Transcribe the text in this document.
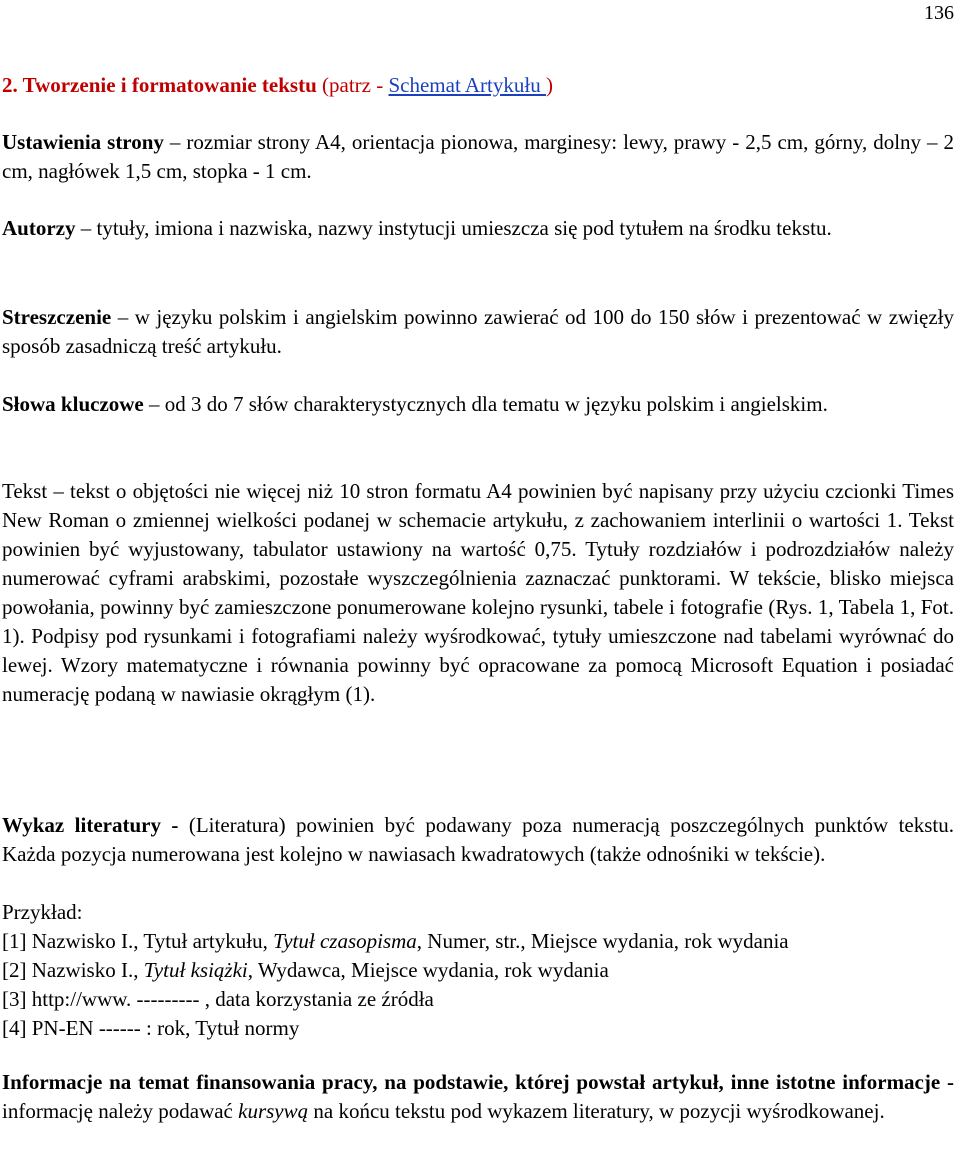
136
2. Tworzenie i formatowanie tekstu (patrz - Schemat Artykułu )

Ustawienia strony – rozmiar strony A4, orientacja pionowa, marginesy: lewy, prawy - 2,5 cm, górny, dolny – 2 cm, nagłówek 1,5 cm, stopka - 1 cm.

Autorzy – tytuły, imiona i nazwiska, nazwy instytucji umieszcza się pod tytułem na środku tekstu.

Streszczenie – w języku polskim i angielskim powinno zawierać od 100 do 150 słów i prezentować w zwięzły sposób zasadniczą treść artykułu.

Słowa kluczowe – od 3 do 7 słów charakterystycznych dla tematu w języku polskim i angielskim.

Tekst – tekst o objętości nie więcej niż 10 stron formatu A4 powinien być napisany przy użyciu czcionki Times New Roman o zmiennej wielkości podanej w schemacie artykułu, z zachowaniem interlinii o wartości 1. Tekst powinien być wyjustowany, tabulator ustawiony na wartość 0,75. Tytuły rozdziałów i podrozdziałów należy numerować cyframi arabskimi, pozostałe wyszczególnienia zaznaczać punktorami. W tekście, blisko miejsca powołania, powinny być zamieszczone ponumerowane kolejno rysunki, tabele i fotografie (Rys. 1, Tabela 1, Fot. 1). Podpisy pod rysunkami i fotografiami należy wyśrodkować, tytuły umieszczone nad tabelami wyrównać do lewej. Wzory matematyczne i równania powinny być opracowane za pomocą Microsoft Equation i posiadać numerację podaną w nawiasie okrągłym (1).

Wykaz literatury - (Literatura) powinien być podawany poza numeracją poszczególnych punktów tekstu. Każda pozycja numerowana jest kolejno w nawiasach kwadratowych (także odnośniki w tekście).

Przykład:

[1] Nazwisko I., Tytuł artykułu, Tytuł czasopisma, Numer, str., Miejsce wydania, rok wydania

[2] Nazwisko I., Tytuł książki, Wydawca, Miejsce wydania, rok wydania

[3] http://www. --------- , data korzystania ze źródła

[4] PN-EN ------ : rok, Tytuł normy

Informacje na temat finansowania pracy, na podstawie, której powstał artykuł, inne istotne informacje - informację należy podawać kursywą na końcu tekstu pod wykazem literatury, w pozycji wyśrodkowanej.
